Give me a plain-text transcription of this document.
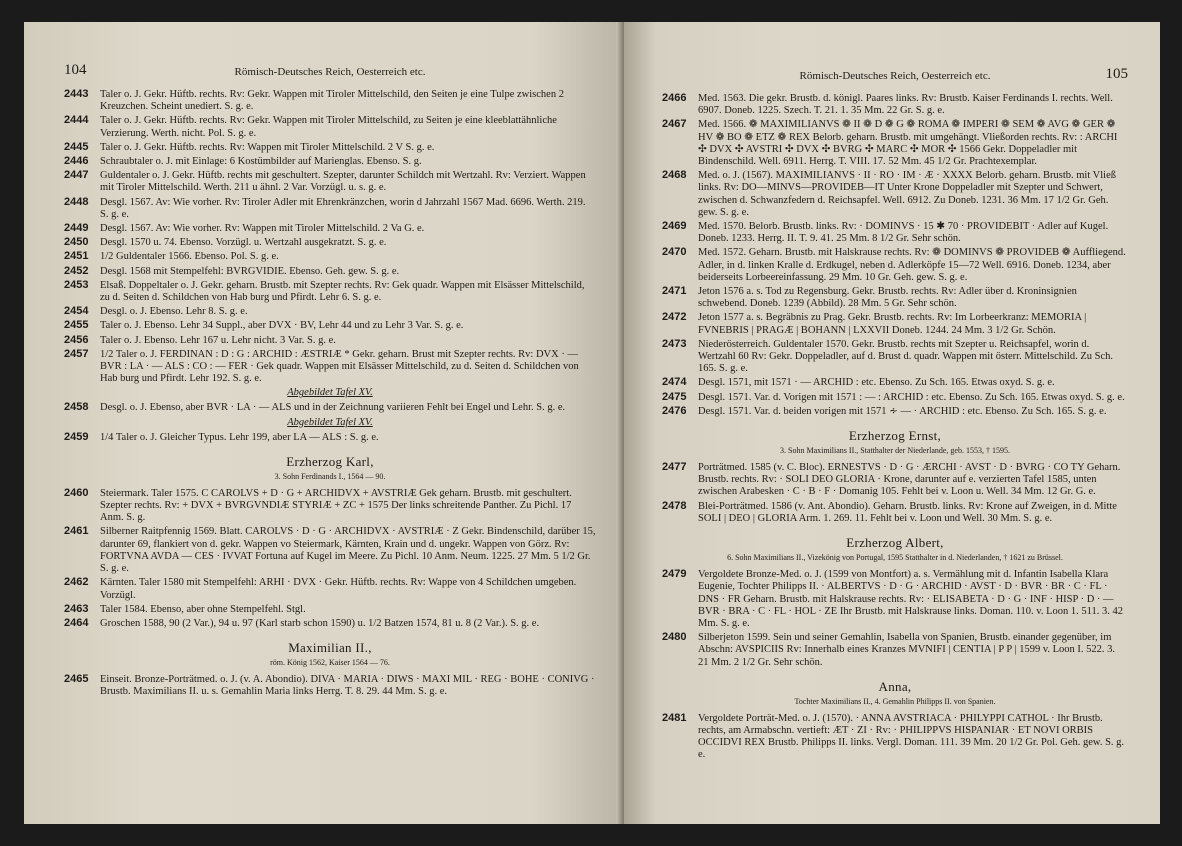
104	Römisch-Deutsches Reich, Oesterreich etc.
2443 Taler o. J. Gekr. Hüftb. rechts. Rv: Gekr. Wappen mit Tiroler Mittelschild, den Seiten je eine Tulpe zwischen 2 Kreuzchen. Scheint unediert. S. g. e.
2444 Taler o. J. Gekr. Hüftb. rechts. Rv: Gekr. Wappen mit Tiroler Mittelschild, zu Seiten je eine kleeblattähnliche Verzierung. Werth. nicht. Pol. S. g. e.
2445 Taler o. J. Gekr. Hüftb. rechts. Rv: Wappen mit Tiroler Mittelschild. 2 V S. g. e.
2446 Schraubtaler o. J. mit Einlage: 6 Kostümbilder auf Marienglas. Ebenso. S. g.
2447 Guldentaler o. J. Gekr. Hüftb. rechts mit geschultert. Szepter, darunter Schildch mit Wertzahl. Rv: Verziert. Wappen mit Tiroler Mittelschild. Werth. 211 u ähnl. 2 Var. Vorzügl. u. s. g. e.
2448 Desgl. 1567. Av: Wie vorher. Rv: Tiroler Adler mit Ehrenkränzchen, worin d Jahrzahl 1567 Mad. 6696. Werth. 219. S. g. e.
2449 Desgl. 1567. Av: Wie vorher. Rv: Wappen mit Tiroler Mittelschild. 2 Va G. e.
2450 Desgl. 1570 u. 74. Ebenso. Vorzügl. u. Wertzahl ausgekratzt. S. g. e.
2451 1/2 Guldentaler 1566. Ebenso. Pol. S. g. e.
2452 Desgl. 1568 mit Stempelfehl: BVRGVIDIE. Ebenso. Geh. gew. S. g. e.
2453 Elsaß. Doppeltaler o. J. Gekr. geharn. Brustb. mit Szepter rechts. Rv: Gek quadr. Wappen mit Elsässer Mittelschild, zu d. Seiten d. Schildchen von Hab burg und Pfirdt. Lehr 6. S. g. e.
2454 Desgl. o. J. Ebenso. Lehr 8. S. g. e.
2455 Taler o. J. Ebenso. Lehr 34 Suppl., aber DVX · BV, Lehr 44 und zu Lehr 3 Var. S. g. e.
2456 Taler o. J. Ebenso. Lehr 167 u. Lehr nicht. 3 Var. S. g. e.
2457 1/2 Taler o. J. FERDINAN : D : G : ARCHID : ÆSTRIÆ * Gekr. geharn. Brust mit Szepter rechts. Rv: DVX · — BVR : LA · — ALS : CO : — FER · Gek quadr. Wappen mit Elsässer Mittelschild, zu d. Seiten d. Schildchen von Hab burg und Pfirdt. Lehr 192. S. g. e.
Abgebildet Tafel XV.
2458 Desgl. o. J. Ebenso, aber BVR · LA · — ALS und in der Zeichnung variieren Fehlt bei Engel und Lehr. S. g. e.
Abgebildet Tafel XV.
2459 1/4 Taler o. J. Gleicher Typus. Lehr 199, aber LA — ALS : S. g. e.
Erzherzog Karl,
3. Sohn Ferdinands I., 1564 — 90.
2460 Steiermark. Taler 1575. C CAROLVS + D · G + ARCHIDVX + AVSTRIÆ Gek geharn. Brustb. mit geschultert. Szepter rechts. Rv: + DVX + BVRGVNDIÆ STYRIÆ + ZC + 1575 Der links schreitende Panther. Zu Pichl. 17 Anm. S. g.
2461 Silberner Raitpfennig 1569. Blatt. CAROLVS · D · G · ARCHIDVX · AVSTRIÆ · Z Gekr. Bindenschild, darüber 15, darunter 69, flankiert von d. gekr. Wappen vo Steiermark, Kärnten, Krain und d. ungekr. Wappen von Görz. Rv: FORTVNA AVDA — CES · IVVAT Fortuna auf Kugel im Meere. Zu Pichl. 10 Anm. Neum. 1225. 27 Mm. 5 1/2 Gr. S. g. e.
2462 Kärnten. Taler 1580 mit Stempelfehl: ARHI · DVX · Gekr. Hüftb. rechts. Rv: Wappe von 4 Schildchen umgeben. Vorzügl.
2463 Taler 1584. Ebenso, aber ohne Stempelfehl. Stgl.
2464 Groschen 1588, 90 (2 Var.), 94 u. 97 (Karl starb schon 1590) u. 1/2 Batzen 1574, 81 u. 8 (2 Var.). S. g. e.
Maximilian II.,
röm. König 1562, Kaiser 1564 — 76.
2465 Einseit. Bronze-Porträtmed. o. J. (v. A. Abondio). DIVA · MARIA · DIWS · MAXI MIL · REG · BOHE · CONIVG · Brustb. Maximilians II. u. s. Gemahlin Maria links Herrg. T. 8. 29. 44 Mm. S. g. e.
Römisch-Deutsches Reich, Oesterreich etc.	105
2466 Med. 1563. Die gekr. Brustb. d. königl. Paares links. Rv: Brustb. Kaiser Ferdinands I. rechts. Well. 6907. Doneb. 1225. Szech. T. 21. 1. 35 Mm. 22 Gr. S. g. e.
2467 Med. 1566. ❁ MAXIMILIANVS ❁ II ❁ D ❁ G ❁ ROMA ❁ IMPERI ❁ SEM ❁ AVG ❁ GER ❁ HV ❁ BO ❁ ETZ ❁ REX Belorb. geharn. Brustb. mit umgehängt. Vließorden rechts. Rv: : ARCHI ✣ DVX ✣ AVSTRI ✣ DVX ✣ BVRG ✣ MARC ✣ MOR ✣ 1566 Gekr. Doppeladler mit Bindenschild. Well. 6911. Herrg. T. VIII. 17. 52 Mm. 45 1/2 Gr. Prachtexemplar.
2468 Med. o. J. (1567). MAXIMILIANVS · II · RO · IM · Æ · XXXX Belorb. geharn. Brustb. mit Vließ links. Rv: DO—MINVS—PROVIDEB—IT Unter Krone Doppeladler mit Szepter und Schwert, zwischen d. Schwanzfedern d. Reichsapfel. Well. 6912. Zu Doneb. 1231. 36 Mm. 17 1/2 Gr. Geh. gew. S. g. e.
2469 Med. 1570. Belorb. Brustb. links. Rv: · DOMINVS · 15 ✱ 70 · PROVIDEBIT · Adler auf Kugel. Doneb. 1233. Herrg. II. T. 9. 41. 25 Mm. 8 1/2 Gr. Sehr schön.
2470 Med. 1572. Geharn. Brustb. mit Halskrause rechts. Rv: ❁ DOMINVS ❁ PROVIDEB ❁ Auffliegend. Adler, in d. linken Kralle d. Erdkugel, neben d. Adlerköpfe 15—72 Well. 6916. Doneb. 1234, aber beiderseits Lorbeereinfassung. 29 Mm. 10 Gr. Geh. gew. S. g. e.
2471 Jeton 1576 a. s. Tod zu Regensburg. Gekr. Brustb. rechts. Rv: Adler über d. Kroninsignien schwebend. Doneb. 1239 (Abbild). 28 Mm. 5 Gr. Sehr schön.
2472 Jeton 1577 a. s. Begräbnis zu Prag. Gekr. Brustb. rechts. Rv: Im Lorbeerkranz: MEMORIA | FVNEBRIS | PRAGÆ | BOHANN | LXXVII Doneb. 1244. 24 Mm. 3 1/2 Gr. Schön.
2473 Niederösterreich. Guldentaler 1570. Gekr. Brustb. rechts mit Szepter u. Reichsapfel, worin d. Wertzahl 60 Rv: Gekr. Doppeladler, auf d. Brust d. quadr. Wappen mit österr. Mittelschild. Zu Sch. 165. S. g. e.
2474 Desgl. 1571, mit 1571 · — ARCHID : etc. Ebenso. Zu Sch. 165. Etwas oxyd. S. g. e.
2475 Desgl. 1571. Var. d. Vorigen mit 1571 : — : ARCHID : etc. Ebenso. Zu Sch. 165. Etwas oxyd. S. g. e.
2476 Desgl. 1571. Var. d. beiden vorigen mit 1571 ∻ — · ARCHID : etc. Ebenso. Zu Sch. 165. S. g. e.
Erzherzog Ernst,
3. Sohn Maximilians II., Statthalter der Niederlande, geb. 1553, † 1595.
2477 Porträtmed. 1585 (v. C. Bloc). ERNESTVS · D · G · ÆRCHI · AVST · D · BVRG · CO TY Geharn. Brustb. rechts. Rv: · SOLI DEO GLORIA · Krone, darunter auf e. verzierten Tafel 1585, unten zwischen Arabesken · C · B · F · Domanig 105. Fehlt bei v. Loon u. Well. 34 Mm. 12 Gr. G. e.
2478 Blei-Porträtmed. 1586 (v. Ant. Abondio). Geharn. Brustb. links. Rv: Krone auf Zweigen, in d. Mitte SOLI | DEO | GLORIA Arm. 1. 269. 11. Fehlt bei v. Loon und Well. 30 Mm. S. g. e.
Erzherzog Albert,
6. Sohn Maximilians II., Vizekönig von Portugal, 1595 Statthalter in d. Niederlanden, † 1621 zu Brüssel.
2479 Vergoldete Bronze-Med. o. J. (1599 von Montfort) a. s. Vermählung mit d. Infantin Isabella Klara Eugenie, Tochter Philipps II. · ALBERTVS · D · G · ARCHID · AVST · D · BVR · BR · C · FL · DNS · FR Geharn. Brustb. mit Halskrause rechts. Rv: · ELISABETA · D · G · INF · HISP · D · — BVR · BRA · C · FL · HOL · ZE Ihr Brustb. mit Halskrause links. Doman. 110. v. Loon 1. 511. 3. 42 Mm. S. g. e.
2480 Silberjeton 1599. Sein und seiner Gemahlin, Isabella von Spanien, Brustb. einander gegenüber, im Abschn: AVSPICIIS Rv: Innerhalb eines Kranzes MVNIFI | CENTIA | P P | 1599 v. Loon I. 522. 3. 21 Mm. 2 1/2 Gr. Sehr schön.
Anna,
Tochter Maximilians II., 4. Gemahlin Philipps II. von Spanien.
2481 Vergoldete Porträt-Med. o. J. (1570). · ANNA AVSTRIACA · PHILYPPI CATHOL · Ihr Brustb. rechts, am Armabschn. vertieft: ÆT · ZI · Rv: · PHILIPPVS HISPANIAR · ET NOVI ORBIS OCCIDVI REX Brustb. Philipps II. links. Vergl. Doman. 111. 39 Mm. 20 1/2 Gr. Pol. Geh. gew. S. g. e.
